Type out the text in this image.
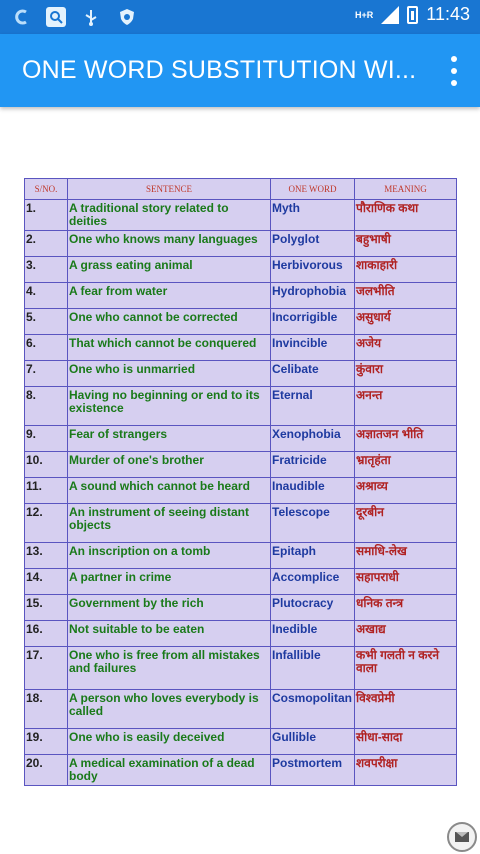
H+R	11:43
ONE WORD SUBSTITUTION WI...
S/NO.	SENTENCE	ONE WORD	MEANING
1.	A traditional story related to deities	Myth	पौराणिक कथा
2.	One who knows many languages	Polyglot	बहुभाषी
3.	A grass eating animal	Herbivorous	शाकाहारी
4.	A fear from water	Hydrophobia	जलभीति
5.	One who cannot be corrected	Incorrigible	असुधार्य
6.	That which cannot be conquered	Invincible	अजेय
7.	One who is unmarried	Celibate	कुंवारा
8.	Having no beginning or end to its existence	Eternal	अनन्त
9.	Fear of strangers	Xenophobia	अज्ञातजन भीति
10.	Murder of one's brother	Fratricide	भ्रातृहंता
11.	A sound which cannot be heard	Inaudible	अश्राव्य
12.	An instrument of seeing distant objects	Telescope	दूरबीन
13.	An inscription on a tomb	Epitaph	समाधि-लेख
14.	A partner in crime	Accomplice	सहापराधी
15.	Government by the rich	Plutocracy	धनिक तन्त्र
16.	Not suitable to be eaten	Inedible	अखाद्य
17.	One who is free from all mistakes and failures	Infallible	कभी गलती न करने वाला
18.	A person who loves everybody is called	Cosmopolitan	विश्वप्रेमी
19.	One who is easily deceived	Gullible	सीधा-सादा
20.	A medical examination of a dead body	Postmortem	शवपरीक्षा
